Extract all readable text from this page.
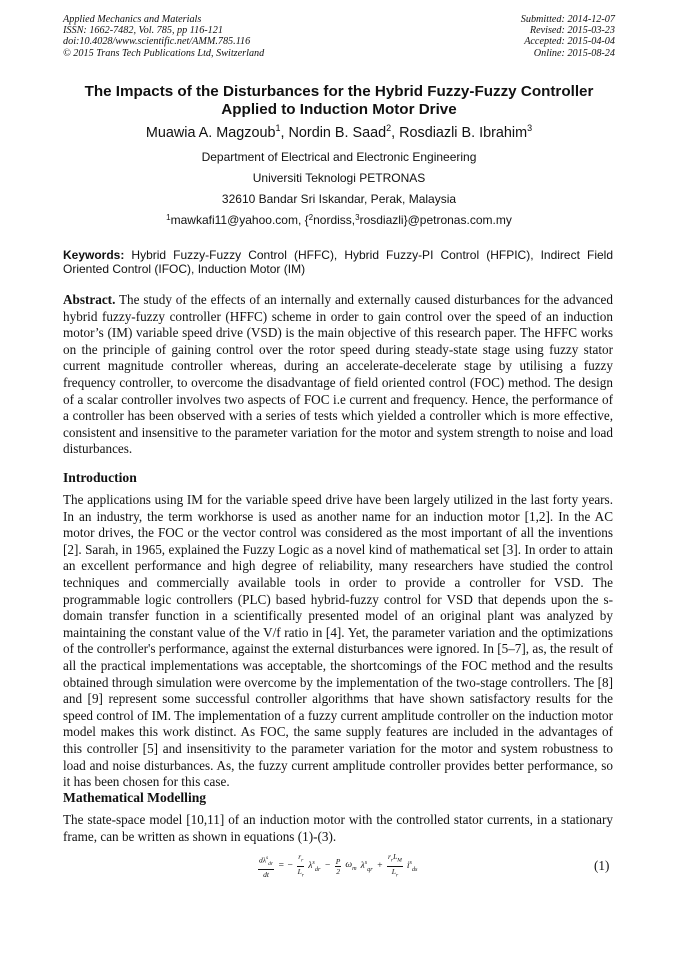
Applied Mechanics and Materials
ISSN: 1662-7482, Vol. 785, pp 116-121
doi:10.4028/www.scientific.net/AMM.785.116
© 2015 Trans Tech Publications Ltd, Switzerland
Submitted: 2014-12-07
Revised: 2015-03-23
Accepted: 2015-04-04
Online: 2015-08-24
The Impacts of the Disturbances for the Hybrid Fuzzy-Fuzzy Controller
Applied to Induction Motor Drive
Muawia A. Magzoub$^1$, Nordin B. Saad$^2$, Rosdiazli B. Ibrahim$^3$
Department of Electrical and Electronic Engineering
Universiti Teknologi PETRONAS
32610 Bandar Sri Iskandar, Perak, Malaysia
$^1$mawkafi11@yahoo.com, {$^2$nordiss,$^3$rosdiazli}@petronas.com.my
Keywords: Hybrid Fuzzy-Fuzzy Control (HFFC), Hybrid Fuzzy-PI Control (HFPIC), Indirect Field Oriented Control (IFOC), Induction Motor (IM)
Abstract. The study of the effects of an internally and externally caused disturbances for the advanced hybrid fuzzy-fuzzy controller (HFFC) scheme in order to gain control over the speed of an induction motor’s (IM) variable speed drive (VSD) is the main objective of this research paper. The HFFC works on the principle of gaining control over the rotor speed during steady-state stage using fuzzy stator current magnitude controller whereas, during an accelerate-decelerate stage by utilising a fuzzy frequency controller, to overcome the disadvantage of field oriented control (FOC) method. The design of a scalar controller involves two aspects of FOC i.e current and frequency. Hence, the performance of a controller has been observed with a series of tests which yielded a controller which is more effective, consistent and insensitive to the parameter variation for the motor and system strength to noise and load disturbances.
Introduction
The applications using IM for the variable speed drive have been largely utilized in the last forty years. In an industry, the term workhorse is used as another name for an induction motor [1,2]. In the AC motor drives, the FOC or the vector control was considered as the most important of all the inventions [2]. Sarah, in 1965, explained the Fuzzy Logic as a novel kind of mathematical set [3]. In order to attain an excellent performance and high degree of reliability, many researchers have studied the control techniques and commercially available tools in order to provide a controller for VSD. The programmable logic controllers (PLC) based hybrid-fuzzy control for VSD that depends upon the s-domain transfer function in a scientifically presented model of an original plant was analyzed by maintaining the constant value of the V/f ratio in [4]. Yet, the parameter variation and the optimizations of the controller's performance, against the external disturbances were ignored. In [5–7], as, the result of all the practical implementations was acceptable, the shortcomings of the FOC method and the results obtained through simulation were overcome by the implementation of the two-stage controllers. The [8] and [9] represent some successful controller algorithms that have shown satisfactory results for the speed control of IM. The implementation of a fuzzy current amplitude controller on the induction motor model makes this work distinct. As FOC, the same supply features are included in the advantages of this controller [5] and insensitivity to the parameter variation for the motor and system robustness to load and noise disturbances. As, the fuzzy current amplitude controller provides better performance, so it has been chosen for this case.
Mathematical Modelling
The state-space model [10,11] of an induction motor with the controlled stator currents, in a stationary frame, can be written as shown in equations (1)-(3).
$\frac{d\lambda^s_{dr}}{dt}$ = − $\frac{r_r}{L_r} \lambda^s_{dr} - \frac{P}{2} \omega_m$ $\lambda^s_{qr} + \frac{r_rL_M}{L_r} i^s_{ds}$	(1)
